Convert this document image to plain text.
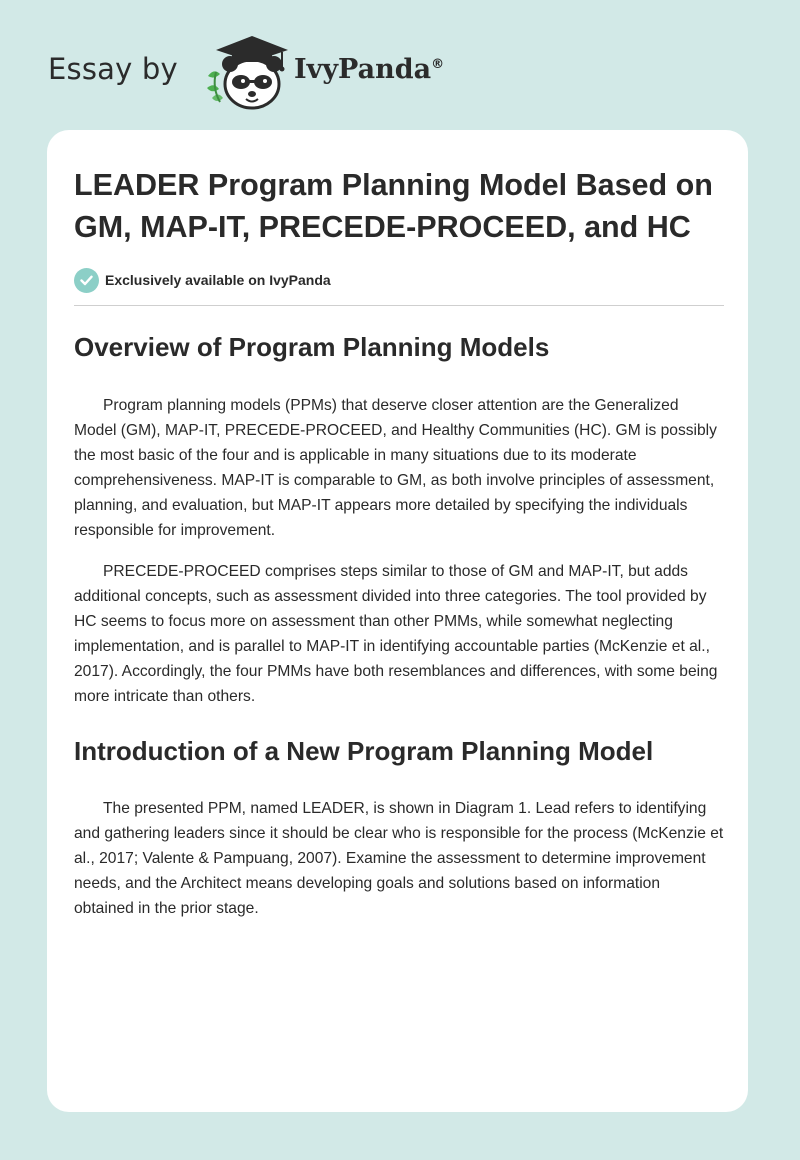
Essay by	IvyPanda®
LEADER Program Planning Model Based on GM, MAP-IT, PRECEDE-PROCEED, and HC
Exclusively available on IvyPanda
Overview of Program Planning Models

Program planning models (PPMs) that deserve closer attention are the Generalized Model (GM), MAP-IT, PRECEDE-PROCEED, and Healthy Communities (HC). GM is possibly the most basic of the four and is applicable in many situations due to its moderate comprehensiveness. MAP-IT is comparable to GM, as both involve principles of assessment, planning, and evaluation, but MAP-IT appears more detailed by specifying the individuals responsible for improvement.

PRECEDE-PROCEED comprises steps similar to those of GM and MAP-IT, but adds additional concepts, such as assessment divided into three categories. The tool provided by HC seems to focus more on assessment than other PMMs, while somewhat neglecting implementation, and is parallel to MAP-IT in identifying accountable parties (McKenzie et al., 2017). Accordingly, the four PMMs have both resemblances and differences, with some being more intricate than others.

Introduction of a New Program Planning Model

The presented PPM, named LEADER, is shown in Diagram 1. Lead refers to identifying and gathering leaders since it should be clear who is responsible for the process (McKenzie et al., 2017; Valente & Pampuang, 2007). Examine the assessment to determine improvement needs, and the Architect means developing goals and solutions based on information obtained in the prior stage.
